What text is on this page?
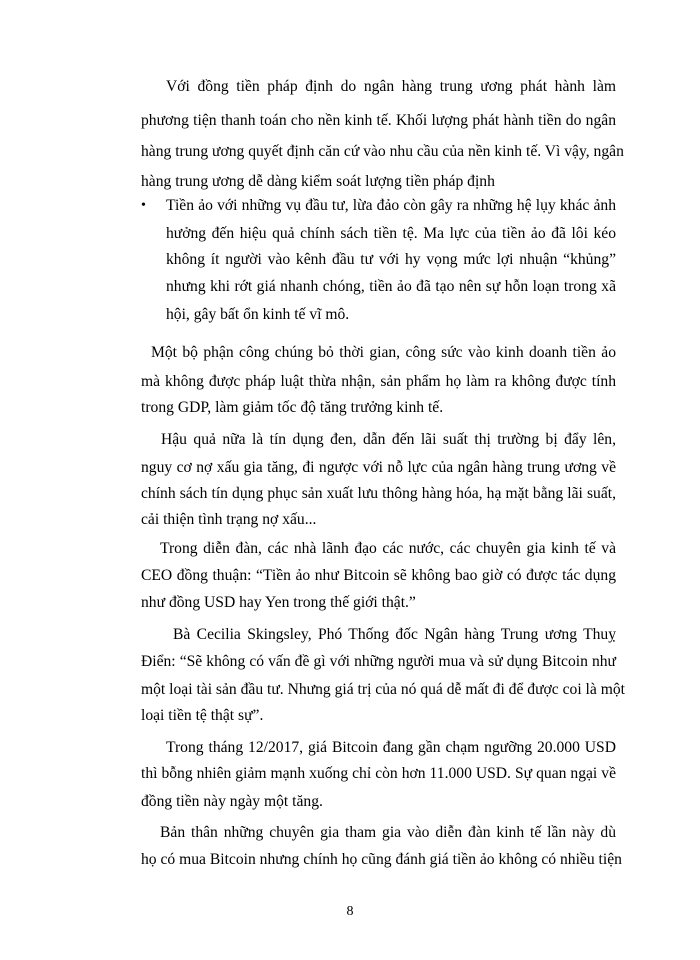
Với đồng tiền pháp định do ngân hàng trung ương phát hành làm
phương tiện thanh toán cho nền kinh tế. Khối lượng phát hành tiền do ngân
hàng trung ương quyết định căn cứ vào nhu cầu của nền kinh tế. Vì vậy, ngân
hàng trung ương dễ dàng kiểm soát lượng tiền pháp định
• Tiền ảo với những vụ đầu tư, lừa đảo còn gây ra những hệ lụy khác ảnh
hưởng đến hiệu quả chính sách tiền tệ. Ma lực của tiền ảo đã lôi kéo
không ít người vào kênh đầu tư với hy vọng mức lợi nhuận “khủng”
nhưng khi rớt giá nhanh chóng, tiền ảo đã tạo nên sự hỗn loạn trong xã
hội, gây bất ổn kinh tế vĩ mô.
Một bộ phận công chúng bỏ thời gian, công sức vào kinh doanh tiền ảo
mà không được pháp luật thừa nhận, sản phẩm họ làm ra không được tính
trong GDP, làm giảm tốc độ tăng trưởng kinh tế.
Hậu quả nữa là tín dụng đen, dẫn đến lãi suất thị trường bị đẩy lên,
nguy cơ nợ xấu gia tăng, đi ngược với nỗ lực của ngân hàng trung ương về
chính sách tín dụng phục sản xuất lưu thông hàng hóa, hạ mặt bằng lãi suất,
cải thiện tình trạng nợ xấu...
Trong diễn đàn, các nhà lãnh đạo các nước, các chuyên gia kinh tế và
CEO đồng thuận: “Tiền ảo như Bitcoin sẽ không bao giờ có được tác dụng
như đồng USD hay Yen trong thế giới thật.”
Bà Cecilia Skingsley, Phó Thống đốc Ngân hàng Trung ương Thuỵ
Điển: “Sẽ không có vấn đề gì với những người mua và sử dụng Bitcoin như
một loại tài sản đầu tư. Nhưng giá trị của nó quá dễ mất đi để được coi là một
loại tiền tệ thật sự”.
Trong tháng 12/2017, giá Bitcoin đang gần chạm ngưỡng 20.000 USD
thì bỗng nhiên giảm mạnh xuống chỉ còn hơn 11.000 USD. Sự quan ngại về
đồng tiền này ngày một tăng.
Bản thân những chuyên gia tham gia vào diễn đàn kinh tế lần này dù
họ có mua Bitcoin nhưng chính họ cũng đánh giá tiền ảo không có nhiều tiện
8
